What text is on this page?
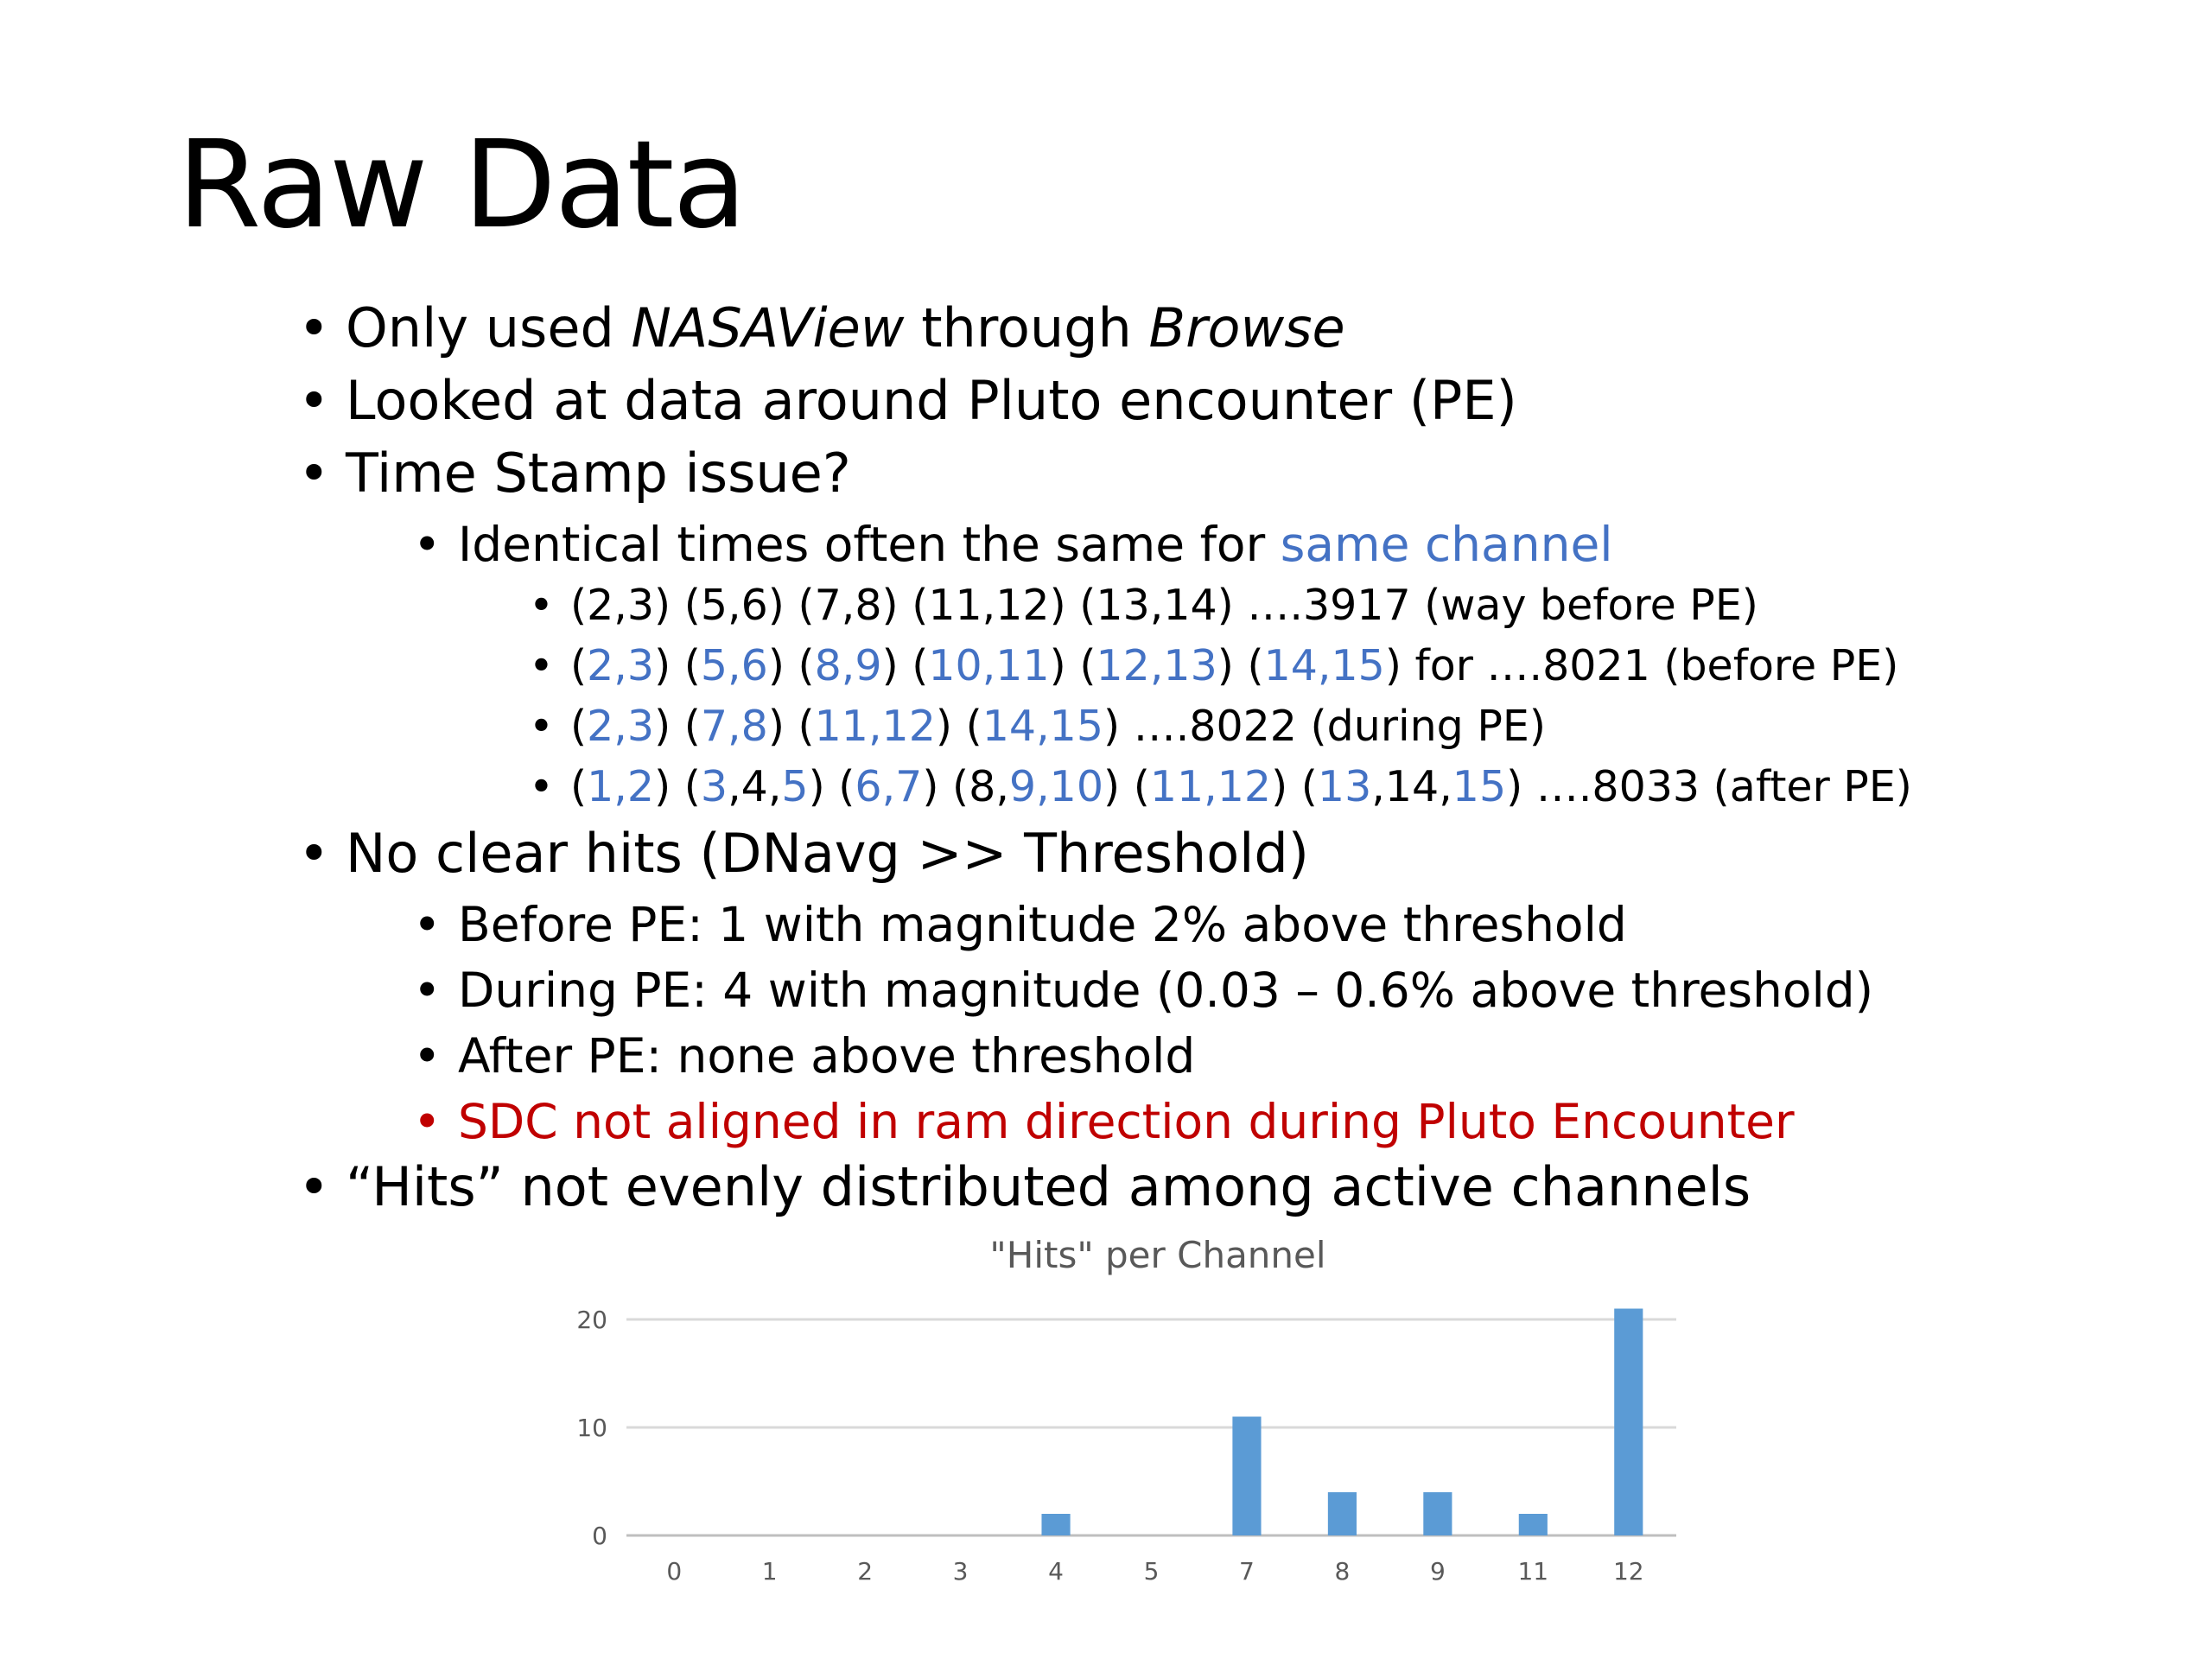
Raw Data
• Only used NASAView through Browse
• Looked at data around Pluto encounter (PE)
• Time Stamp issue?
• Identical times often the same for same channel
• (2,3) (5,6) (7,8) (11,12) (13,14) ….3917 (way before PE)
• (2,3) (5,6) (8,9) (10,11) (12,13) (14,15) for ….8021 (before PE)
• (2,3) (7,8) (11,12) (14,15) ….8022 (during PE)
• (1,2) (3,4,5) (6,7) (8,9,10) (11,12) (13,14,15) ….8033 (after PE)
• No clear hits (DNavg >> Threshold)
• Before PE: 1 with magnitude 2% above threshold
• During PE: 4 with magnitude (0.03 – 0.6% above threshold)
• After PE: none above threshold
• SDC not aligned in ram direction during Pluto Encounter
• “Hits” not evenly distributed among active channels
"Hits" per Channel
0
10
20
0	1	2	3	4	5	7	8	9	11	12
